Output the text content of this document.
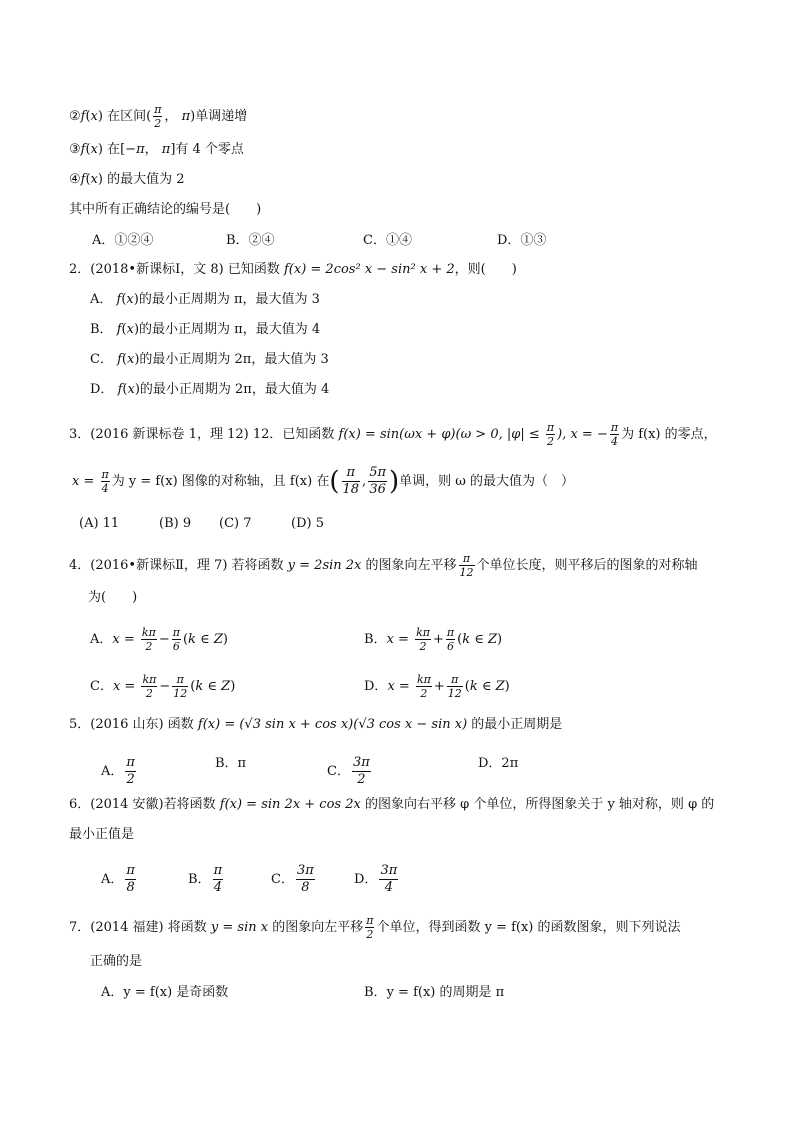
②f(x) 在区间( $\frac{\pi}{2}$ ， π)单调递增
③f(x) 在[−π， π]有 4 个零点
④f(x) 的最大值为 2
其中所有正确结论的编号是(　　)
A．①②④	B．②④	C．①④	D．①③
2．(2018•新课标Ⅰ，文 8) 已知函数 f(x) = 2cos² x − sin² x + 2，则(　　)
A． f(x)的最小正周期为 π，最大值为 3
B． f(x)的最小正周期为 π，最大值为 4
C． f(x)的最小正周期为 2π，最大值为 3
D． f(x)的最小正周期为 2π，最大值为 4
3．(2016 新课标卷 1，理 12) 12．已知函数 f(x) = sin(ωx + φ)(ω > 0, $|\varphi| \le \frac{\pi}{2}$ ), x = − $\frac{\pi}{4}$ 为 f(x) 的零点，
$x = \frac{\pi}{4}$ 为 y = f(x) 图像的对称轴，且 f(x) 在( $\frac{\pi}{18}$ , $\frac{5\pi}{36}$ )单调，则 ω 的最大值为（　）
(A) 11	(B) 9 (C) 7	(D) 5
4．(2016•新课标Ⅱ，理 7) 若将函数 y = 2sin 2x 的图象向左平移 $\frac{\pi}{12}$ 个单位长度，则平移后的图象的对称轴
为(　　)
A．$x = \frac{k\pi}{2} - \frac{\pi}{6} (k$ ∈ Z)	B．$x = \frac{k\pi}{2} + \frac{\pi}{6} (k$ ∈ Z)
C．$x = \frac{k\pi}{2} - \frac{\pi}{12} (k$ ∈ Z)	D．$x = \frac{k\pi}{2} + \frac{\pi}{12} (k$ ∈ Z)
5．(2016 山东) 函数 f(x) = (√3 sin x + cos x)(√3 cos x − sin x) 的最小正周期是
A． $\frac{\pi}{2}$	B．π
C． $\frac{3\pi}{2}$	D．2π
6．(2014 安徽)若将函数 f(x) = sin 2x + cos 2x 的图象向右平移 φ 个单位，所得图象关于 y 轴对称，则 φ 的
最小正值是
A． $\frac{\pi}{8}$	B． $\frac{\pi}{4}$	C． $\frac{3\pi}{8}$	D． $\frac{3\pi}{4}$
7．(2014 福建) 将函数 y = sin x 的图象向左平移 $\frac{\pi}{2}$ 个单位，得到函数 y = f(x) 的函数图象，则下列说法
正确的是
A．y = f(x) 是奇函数	B．y = f(x) 的周期是 π
